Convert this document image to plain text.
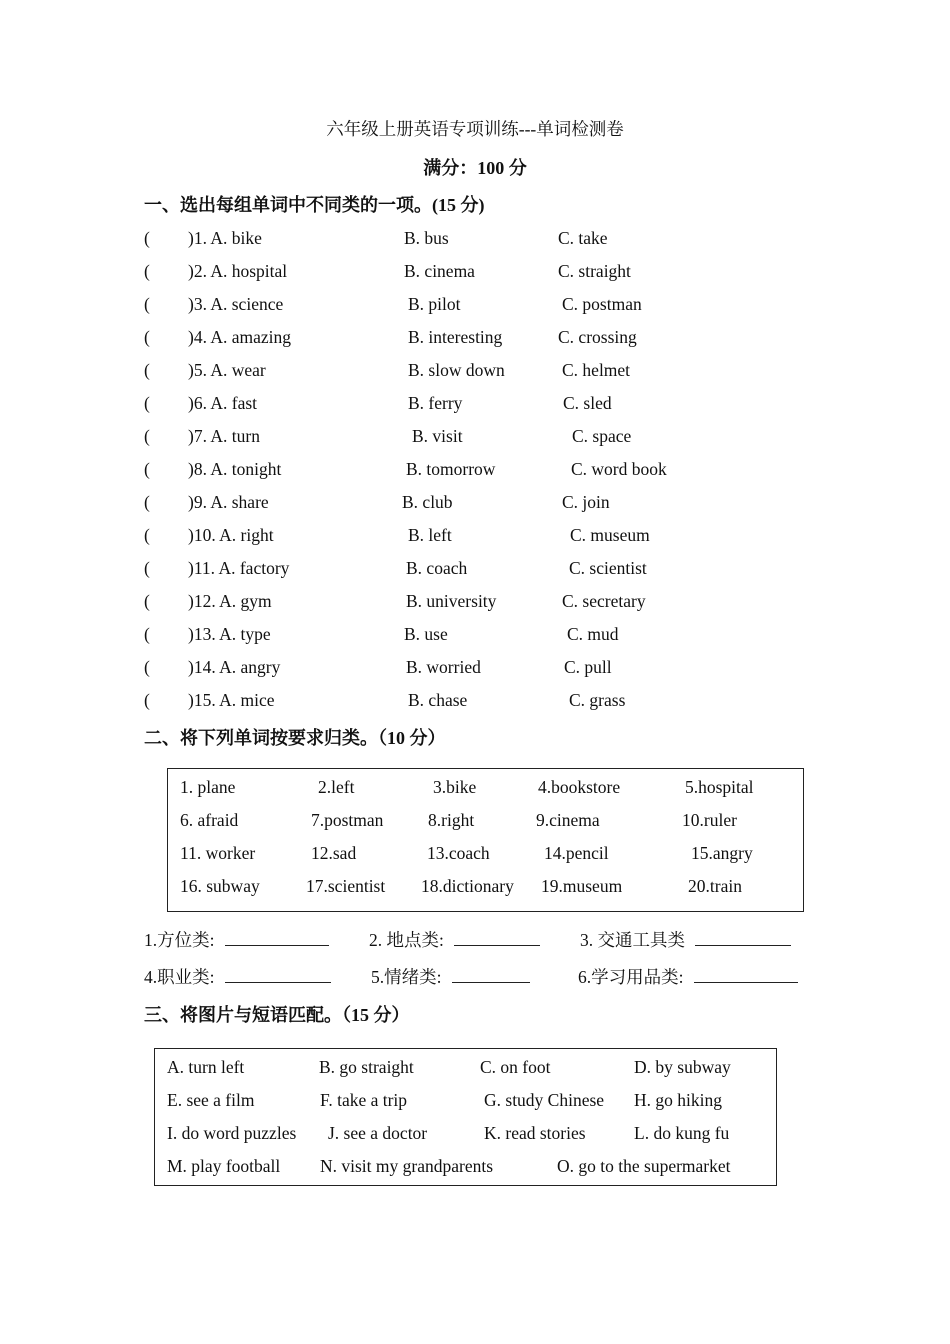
六年级上册英语专项训练---单词检测卷
满分：100 分
一、选出每组单词中不同类的一项。(15 分)
( )1. A. bike	B. bus	C. take
( )2. A. hospital	B. cinema	C. straight
( )3. A. science	B. pilot	C. postman
( )4. A. amazing	B. interesting	C. crossing
( )5. A. wear	B. slow down	C. helmet
( )6. A. fast	B. ferry	C. sled
( )7. A. turn	B. visit	C. space
( )8. A. tonight	B. tomorrow	C. word book
( )9. A. share	B. club	C. join
( )10. A. right	B. left	C. museum
( )11. A. factory	B. coach	C. scientist
( )12. A. gym	B. university	C. secretary
( )13. A. type	B. use	C. mud
( )14. A. angry	B. worried	C. pull
( )15. A. mice	B. chase	C. grass
二、将下列单词按要求归类。（10 分）
1. plane	2.left	3.bike	4.bookstore	5.hospital
6. afraid	7.postman	8.right	9.cinema	10.ruler
11. worker	12.sad	13.coach	14.pencil	15.angry
16. subway	17.scientist 18.dictionary 19.museum	20.train
1.方位类:	2. 地点类:	3. 交通工具类
4.职业类:	5.情绪类:	6.学习用品类:
三、将图片与短语匹配。（15 分）
A. turn left	B. go straight	C. on foot	D. by subway
E. see a film	F. take a trip	G. study Chinese H. go hiking
I. do word puzzles J. see a doctor	K. read stories	L. do kung fu
M. play football N. visit my grandparents	O. go to the supermarket
